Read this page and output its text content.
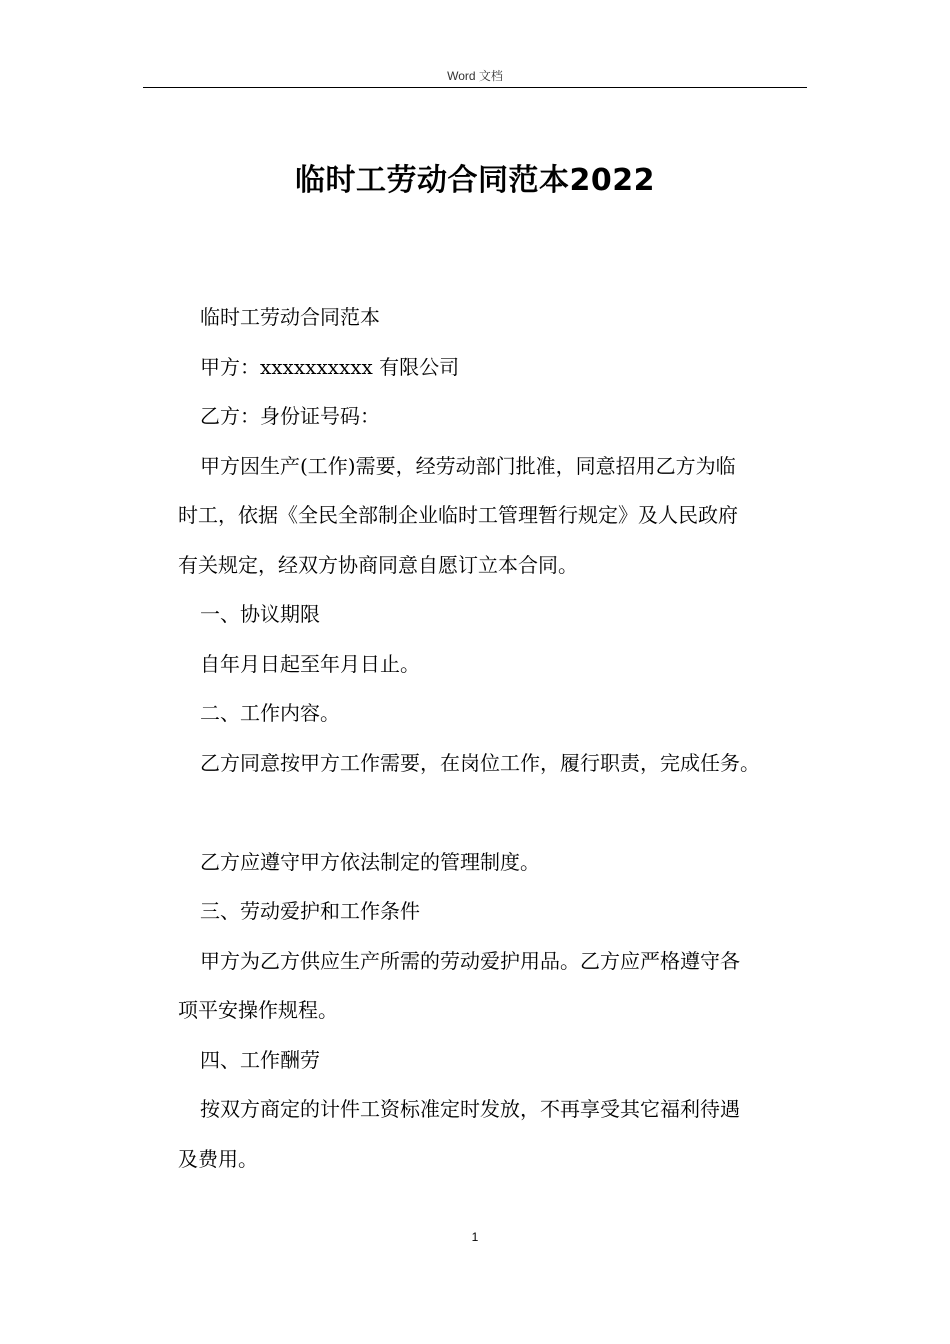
Word 文档
临时工劳动合同范本2022

临时工劳动合同范本

甲方：xxxxxxxxxx 有限公司

乙方：身份证号码：

甲方因生产(工作)需要，经劳动部门批准，同意招用乙方为临

时工，依据《全民全部制企业临时工管理暂行规定》及人民政府

有关规定，经双方协商同意自愿订立本合同。

一、协议期限

自年月日起至年月日止。

二、工作内容。

乙方同意按甲方工作需要，在岗位工作，履行职责，完成任务。

乙方应遵守甲方依法制定的管理制度。

三、劳动爱护和工作条件

甲方为乙方供应生产所需的劳动爱护用品。乙方应严格遵守各

项平安操作规程。

四、工作酬劳

按双方商定的计件工资标准定时发放，不再享受其它福利待遇

及费用。

1
